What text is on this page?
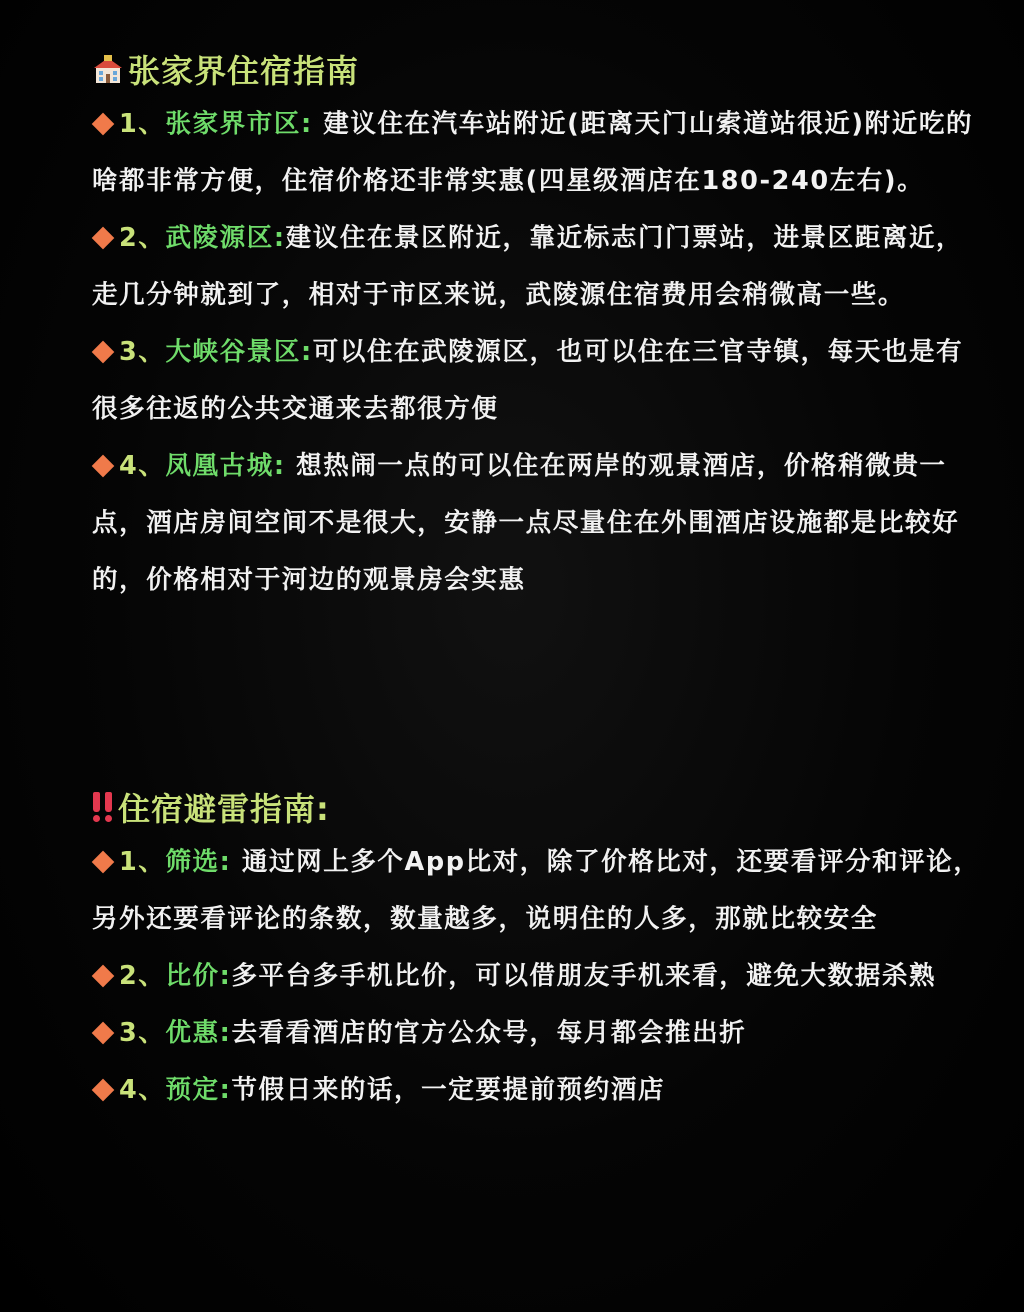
张家界住宿指南

1、张家界市区: 建议住在汽车站附近(距离天门山索道站很近)附近吃的啥都非常方便，住宿价格还非常实惠(四星级酒店在180-240左右)。

2、武陵源区:建议住在景区附近，靠近标志门门票站，进景区距离近，走几分钟就到了，相对于市区来说，武陵源住宿费用会稍微高一些。

3、大峡谷景区:可以住在武陵源区，也可以住在三官寺镇，每天也是有很多往返的公共交通来去都很方便

4、凤凰古城: 想热闹一点的可以住在两岸的观景酒店，价格稍微贵一点，酒店房间空间不是很大，安静一点尽量住在外围酒店设施都是比较好的，价格相对于河边的观景房会实惠

住宿避雷指南:

1、筛选: 通过网上多个App比对，除了价格比对，还要看评分和评论，另外还要看评论的条数，数量越多，说明住的人多，那就比较安全

2、比价:多平台多手机比价，可以借朋友手机来看，避免大数据杀熟

3、优惠:去看看酒店的官方公众号，每月都会推出折

4、预定:节假日来的话，一定要提前预约酒店
